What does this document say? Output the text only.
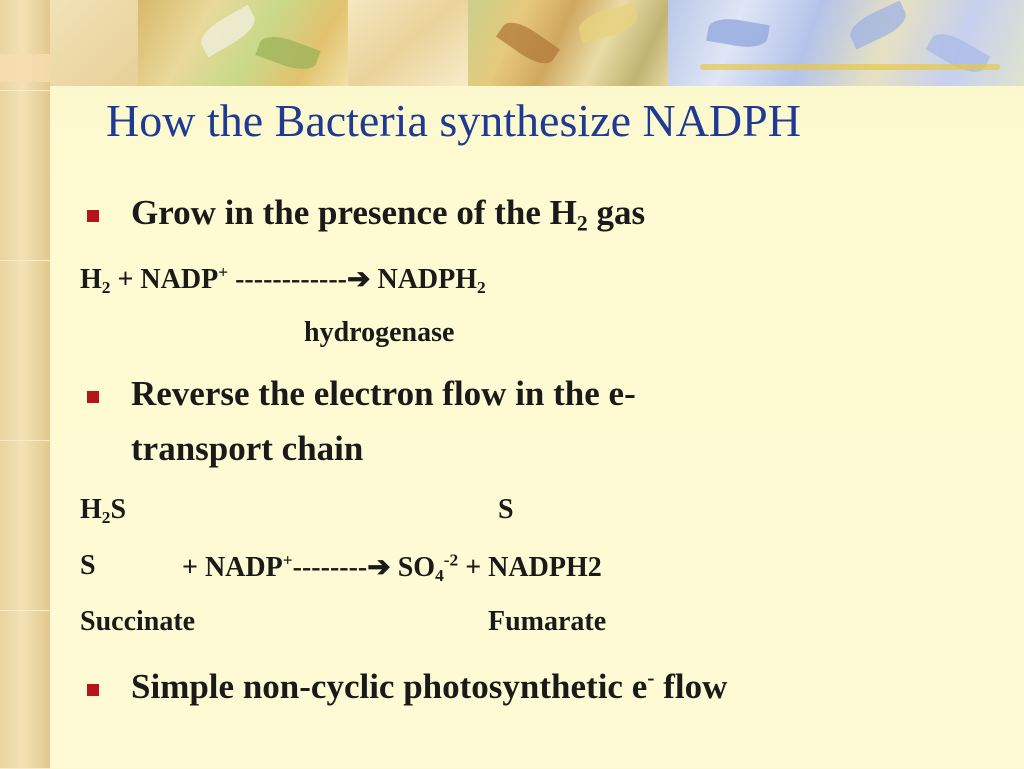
How the Bacteria synthesize NADPH
Grow in the presence of the $H_2$ gas
$H_2$ + NADP+ ------------➔ $NADPH_2$
hydrogenase
Reverse the electron flow in the e-
transport chain
$H_2S$	S
S	+ NADP+--------➔ $SO_4^{-2}$ + NADPH2
Succinate	Fumarate
Simple non-cyclic photosynthetic e- flow
